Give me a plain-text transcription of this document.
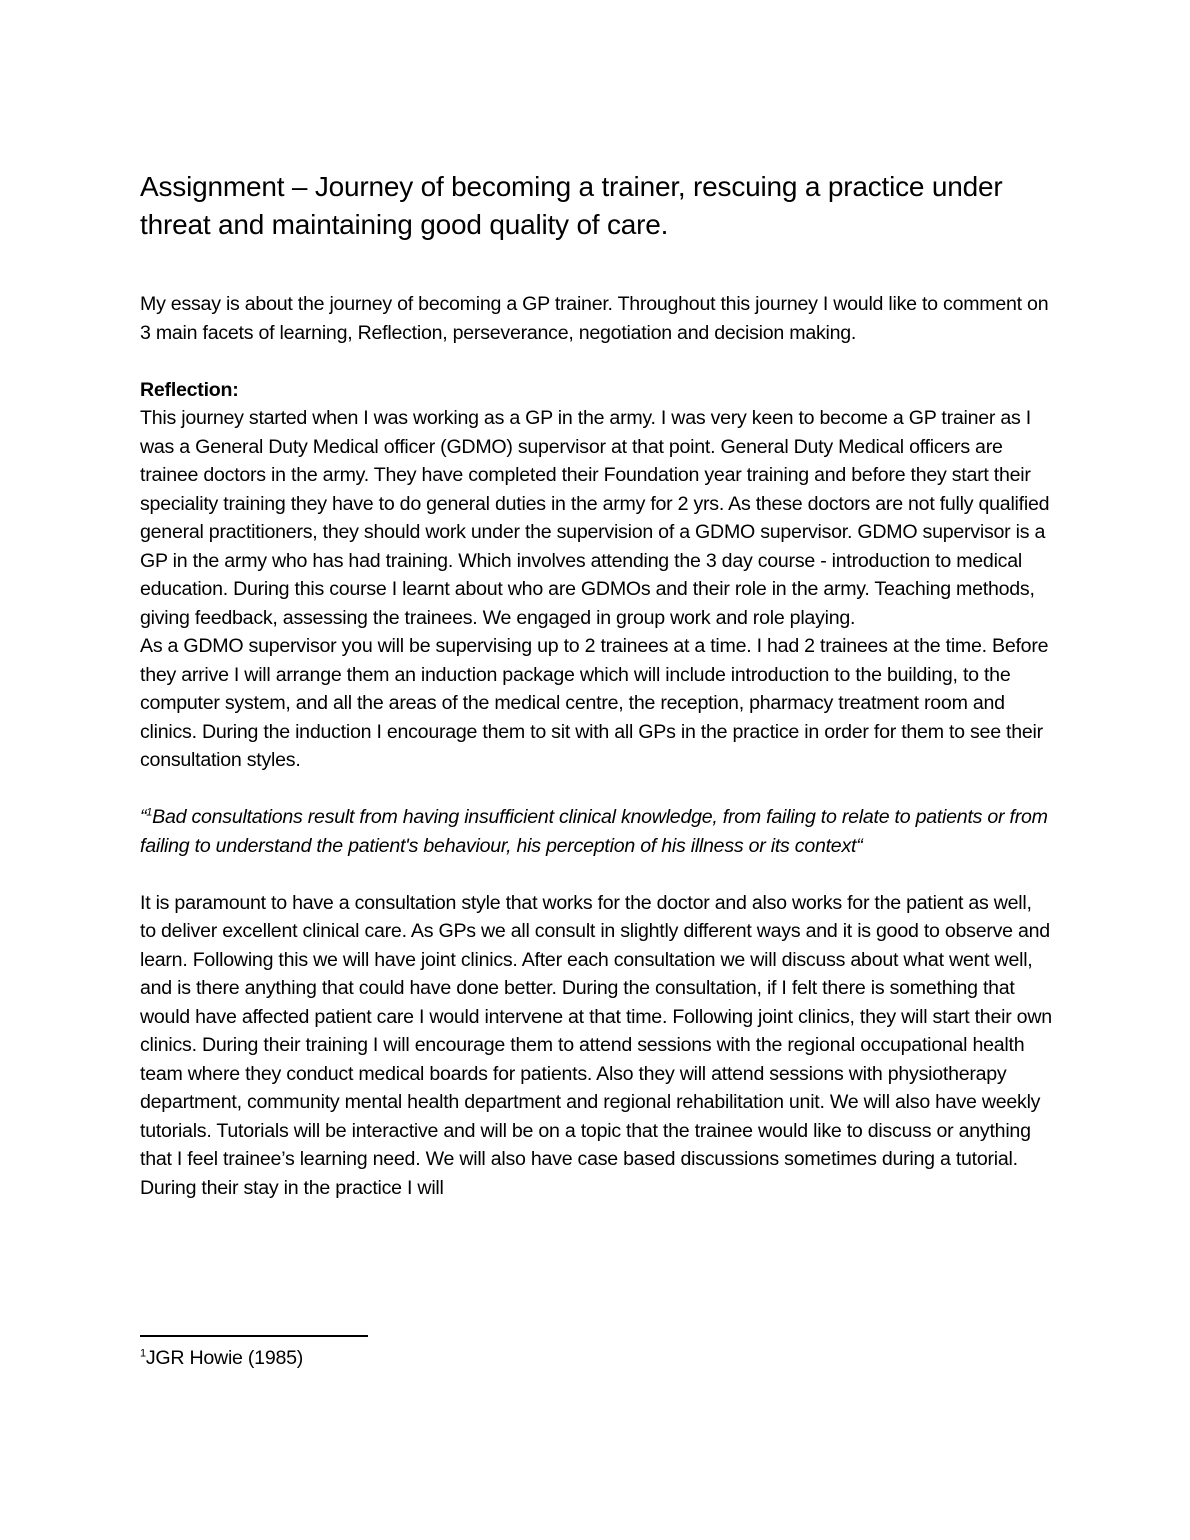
Assignment – Journey of becoming a trainer, rescuing a practice under threat and maintaining good quality of care.

My essay is about the journey of becoming a GP trainer. Throughout this journey I would like to comment on 3 main facets of learning, Reflection, perseverance, negotiation and decision making.

Reflection:

This journey started when I was working as a GP in the army. I was very keen to become a GP trainer as I was a General Duty Medical officer (GDMO) supervisor at that point. General Duty Medical officers are trainee doctors in the army. They have completed their Foundation year training and before they start their speciality training they have to do general duties in the army for 2 yrs. As these doctors are not fully qualified general practitioners, they should work under the supervision of a GDMO supervisor. GDMO supervisor is a GP in the army who has had training. Which involves attending the 3 day course - introduction to medical education. During this course I learnt about who are GDMOs and their role in the army. Teaching methods, giving feedback, assessing the trainees. We engaged in group work and role playing.

As a GDMO supervisor you will be supervising up to 2 trainees at a time. I had 2 trainees at the time. Before they arrive I will arrange them an induction package which will include introduction to the building, to the computer system, and all the areas of the medical centre, the reception, pharmacy treatment room and clinics. During the induction I encourage them to sit with all GPs in the practice in order for them to see their consultation styles.

“$^1$Bad consultations result from having insufficient clinical knowledge, from failing to relate to patients or from failing to understand the patient's behaviour, his perception of his illness or its context“

It is paramount to have a consultation style that works for the doctor and also works for the patient as well, to deliver excellent clinical care. As GPs we all consult in slightly different ways and it is good to observe and learn. Following this we will have joint clinics. After each consultation we will discuss about what went well, and is there anything that could have done better. During the consultation, if I felt there is something that would have affected patient care I would intervene at that time. Following joint clinics, they will start their own clinics. During their training I will encourage them to attend sessions with the regional occupational health team where they conduct medical boards for patients. Also they will attend sessions with physiotherapy department, community mental health department and regional rehabilitation unit. We will also have weekly tutorials. Tutorials will be interactive and will be on a topic that the trainee would like to discuss or anything that I feel trainee’s learning need. We will also have case based discussions sometimes during a tutorial. During their stay in the practice I will

$^1$JGR Howie (1985)
